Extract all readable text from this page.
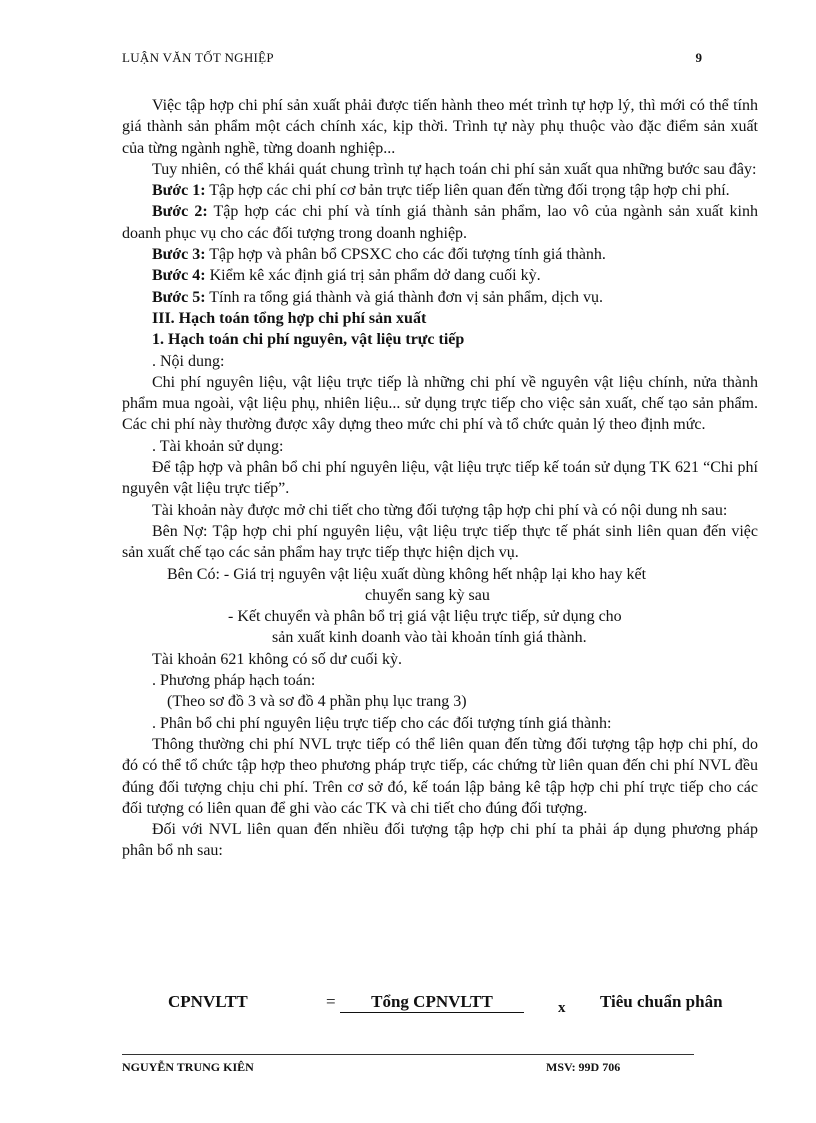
LUẬN VĂN TỐT NGHIỆP	9

Việc tập hợp chi phí sản xuất phải được tiến hành theo mét trình tự hợp lý, thì mới có thể tính giá thành sản phẩm một cách chính xác, kịp thời. Trình tự này phụ thuộc vào đặc điểm sản xuất của từng ngành nghề, từng doanh nghiệp...

Tuy nhiên, có thể khái quát chung trình tự hạch toán chi phí sản xuất qua những bước sau đây:

Bước 1: Tập hợp các chi phí cơ bản trực tiếp liên quan đến từng đối trọng tập hợp chi phí.

Bước 2: Tập hợp các chi phí và tính giá thành sản phẩm, lao vô của ngành sản xuất kinh doanh phục vụ cho các đối tượng trong doanh nghiệp.

Bước 3: Tập hợp và phân bổ CPSXC cho các đối tượng tính giá thành.

Bước 4: Kiểm kê xác định giá trị sản phẩm dở dang cuối kỳ.

Bước 5: Tính ra tổng giá thành và giá thành đơn vị sản phẩm, dịch vụ.

III. Hạch toán tổng hợp chi phí sản xuất

1. Hạch toán chi phí nguyên, vật liệu trực tiếp

. Nội dung:

Chi phí nguyên liệu, vật liệu trực tiếp là những chi phí về nguyên vật liệu chính, nửa thành phẩm mua ngoài, vật liệu phụ, nhiên liệu... sử dụng trực tiếp cho việc sản xuất, chế tạo sản phẩm. Các chi phí này thường được xây dựng theo mức chi phí và tổ chức quản lý theo định mức.

. Tài khoản sử dụng:

Để tập hợp và phân bổ chi phí nguyên liệu, vật liệu trực tiếp kế toán sử dụng TK 621 “Chi phí nguyên vật liệu trực tiếp”.

Tài khoản này được mở chi tiết cho từng đối tượng tập hợp chi phí và có nội dung nh sau:

Bên Nợ: Tập hợp chi phí nguyên liệu, vật liệu trực tiếp thực tế phát sinh liên quan đến việc sản xuất chế tạo các sản phẩm hay trực tiếp thực hiện dịch vụ.

Bên Có: - Giá trị nguyên vật liệu xuất dùng không hết nhập lại kho hay kết

chuyển sang kỳ sau

- Kết chuyển và phân bổ trị giá vật liệu trực tiếp, sử dụng cho

sản xuất kinh doanh vào tài khoản tính giá thành.

Tài khoản 621 không có số dư cuối kỳ.

. Phương pháp hạch toán:

(Theo sơ đồ 3 và sơ đồ 4 phần phụ lục trang 3)

. Phân bổ chi phí nguyên liệu trực tiếp cho các đối tượng tính giá thành:

Thông thường chi phí NVL trực tiếp có thể liên quan đến từng đối tượng tập hợp chi phí, do đó có thể tổ chức tập hợp theo phương pháp trực tiếp, các chứng từ liên quan đến chi phí NVL đều đúng đối tượng chịu chi phí. Trên cơ sở đó, kế toán lập bảng kê tập hợp chi phí trực tiếp cho các đối tượng có liên quan để ghi vào các TK và chi tiết cho đúng đối tượng.

Đối với NVL liên quan đến nhiều đối tượng tập hợp chi phí ta phải áp dụng phương pháp phân bổ nh sau:

CPNVLTT	=	Tổng CPNVLTT	x Tiêu chuẩn phân
NGUYỄN TRUNG KIÊN	MSV: 99D 706
